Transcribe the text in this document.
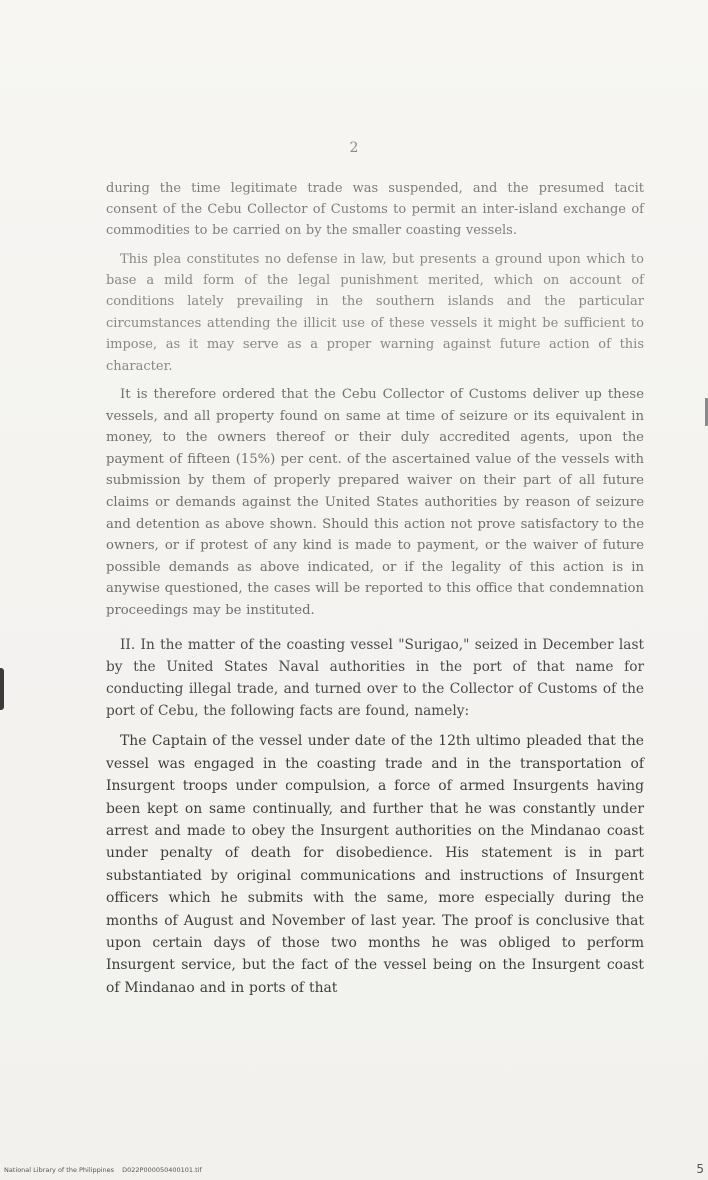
2

during the time legitimate trade was suspended, and the presumed tacit consent of the Cebu Collector of Customs to permit an inter-island exchange of commodities to be carried on by the smaller coasting vessels.

This plea constitutes no defense in law, but presents a ground upon which to base a mild form of the legal punishment merited, which on account of conditions lately prevailing in the southern islands and the particular circumstances attending the illicit use of these vessels it might be sufficient to impose, as it may serve as a proper warning against future action of this character.

It is therefore ordered that the Cebu Collector of Customs deliver up these vessels, and all property found on same at time of seizure or its equivalent in money, to the owners thereof or their duly accredited agents, upon the payment of fifteen (15%) per cent. of the ascertained value of the vessels with submission by them of properly prepared waiver on their part of all future claims or demands against the United States authorities by reason of seizure and detention as above shown. Should this action not prove satisfactory to the owners, or if protest of any kind is made to payment, or the waiver of future possible demands as above indicated, or if the legality of this action is in anywise questioned, the cases will be reported to this office that condemnation proceedings may be instituted.

II. In the matter of the coasting vessel "Surigao," seized in December last by the United States Naval authorities in the port of that name for conducting illegal trade, and turned over to the Collector of Customs of the port of Cebu, the following facts are found, namely:

The Captain of the vessel under date of the 12th ultimo pleaded that the vessel was engaged in the coasting trade and in the transportation of Insurgent troops under compulsion, a force of armed Insurgents having been kept on same continually, and further that he was constantly under arrest and made to obey the Insurgent authorities on the Mindanao coast under penalty of death for disobedience. His statement is in part substantiated by original communications and instructions of Insurgent officers which he submits with the same, more especially during the months of August and November of last year. The proof is conclusive that upon certain days of those two months he was obliged to perform Insurgent service, but the fact of the vessel being on the Insurgent coast of Mindanao and in ports of that

National Library of the Philippines D022P000050400101.tif	5
